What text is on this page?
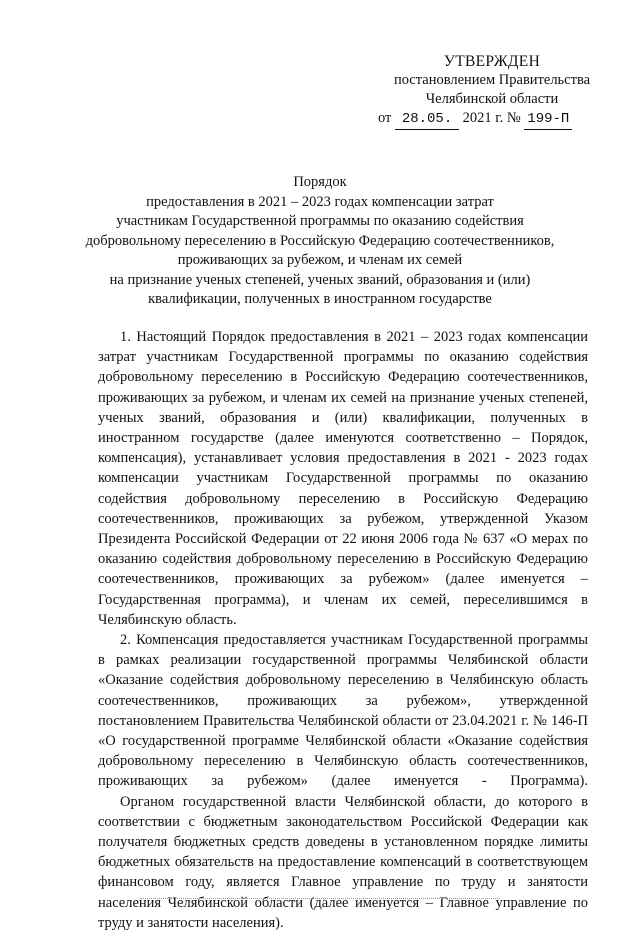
УТВЕРЖДЕН
постановлением Правительства
Челябинской области
от 28.05. 2021 г. № 199-П
Порядок
предоставления в 2021 – 2023 годах компенсации затрат
участникам Государственной программы по оказанию содействия
добровольному переселению в Российскую Федерацию соотечественников,
проживающих за рубежом, и членам их семей
на признание ученых степеней, ученых званий, образования и (или)
квалификации, полученных в иностранном государстве

1. Настоящий Порядок предоставления в 2021 – 2023 годах компенсации затрат участникам Государственной программы по оказанию содействия добровольному переселению в Российскую Федерацию соотечественников, проживающих за рубежом, и членам их семей на признание ученых степеней, ученых званий, образования и (или) квалификации, полученных в иностранном государстве (далее именуются соответственно – Порядок, компенсация), устанавливает условия предоставления в 2021 - 2023 годах компенсации участникам Государственной программы по оказанию содействия добровольному переселению в Российскую Федерацию соотечественников, проживающих за рубежом, утвержденной Указом Президента Российской Федерации от 22 июня 2006 года № 637 «О мерах по оказанию содействия добровольному переселению в Российскую Федерацию соотечественников, проживающих за рубежом» (далее именуется – Государственная программа), и членам их семей, переселившимся в Челябинскую область.

2. Компенсация предоставляется участникам Государственной программы в рамках реализации государственной программы Челябинской области «Оказание содействия добровольному переселению в Челябинскую область соотечественников, проживающих за рубежом», утвержденной постановлением Правительства Челябинской области от 23.04.2021 г. № 146-П «О государственной программе Челябинской области «Оказание содействия добровольному переселению в Челябинскую область соотечественников, проживающих за рубежом» (далее именуется - Программа).

Органом государственной власти Челябинской области, до которого в соответствии с бюджетным законодательством Российской Федерации как получателя бюджетных средств доведены в установленном порядке лимиты бюджетных обязательств на предоставление компенсаций в соответствующем финансовом году, является Главное управление по труду и занятости населения Челябинской области (далее именуется – Главное управление по труду и занятости населения).
